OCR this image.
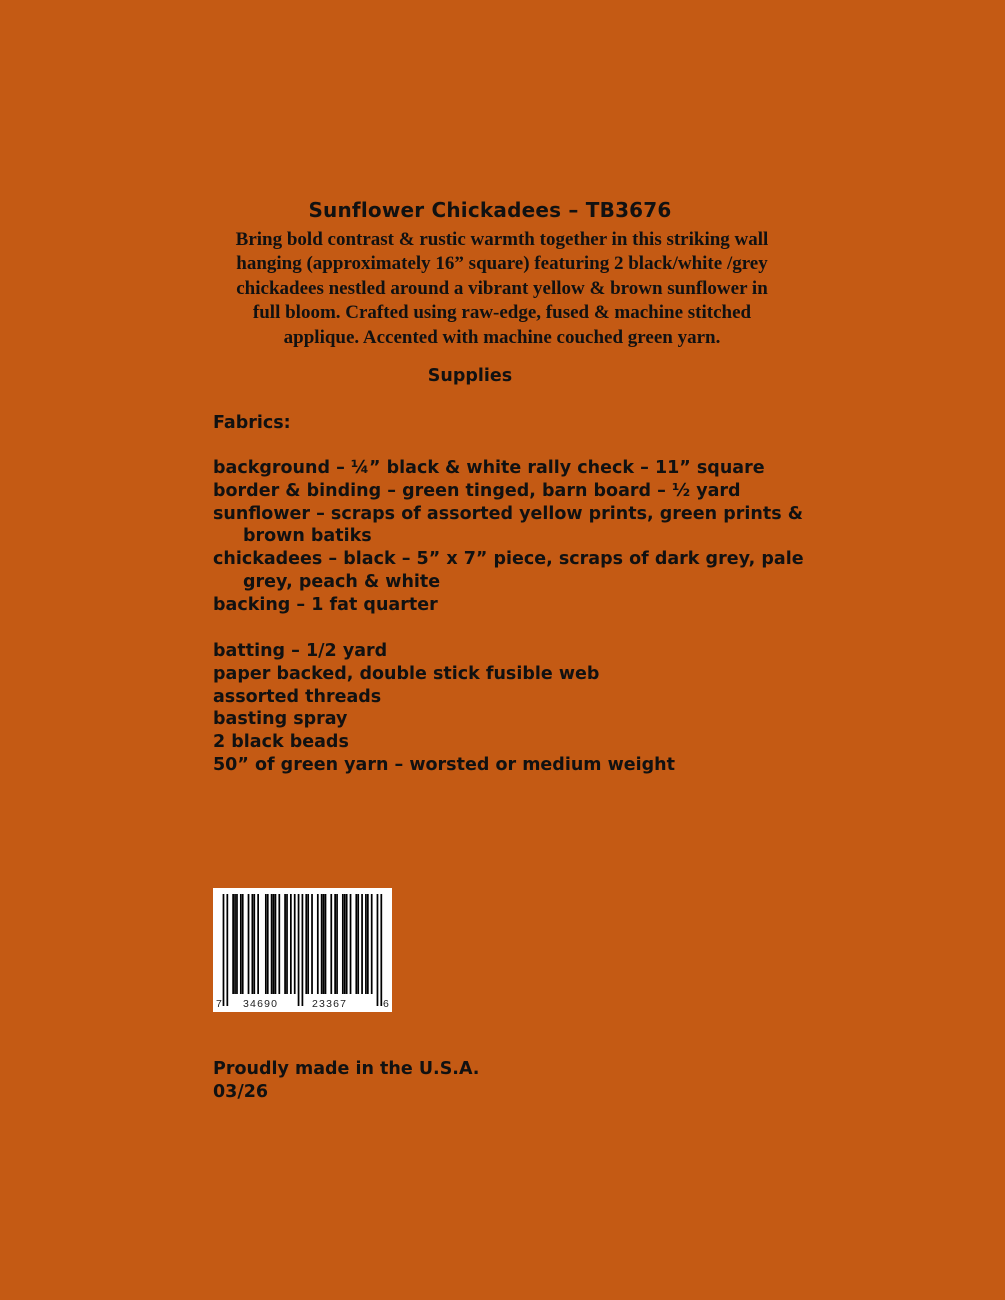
Sunflower Chickadees – TB3676
Bring bold contrast & rustic warmth together in this striking wall
hanging (approximately 16” square) featuring 2 black/white /grey
chickadees nestled around a vibrant yellow & brown sunflower in
full bloom. Crafted using raw-edge, fused & machine stitched
applique. Accented with machine couched green yarn.
Supplies
Fabrics:
background – ¼” black & white rally check – 11” square
border & binding – green tinged, barn board – ½ yard
sunflower – scraps of assorted yellow prints, green prints & brown batiks
chickadees – black – 5” x 7” piece, scraps of dark grey, pale grey, peach & white
backing – 1 fat quarter
batting – 1/2 yard
paper backed, double stick fusible web
assorted threads
basting spray
2 black beads
50” of green yarn – worsted or medium weight
7 34690	23367	6
Proudly made in the U.S.A.
03/26
